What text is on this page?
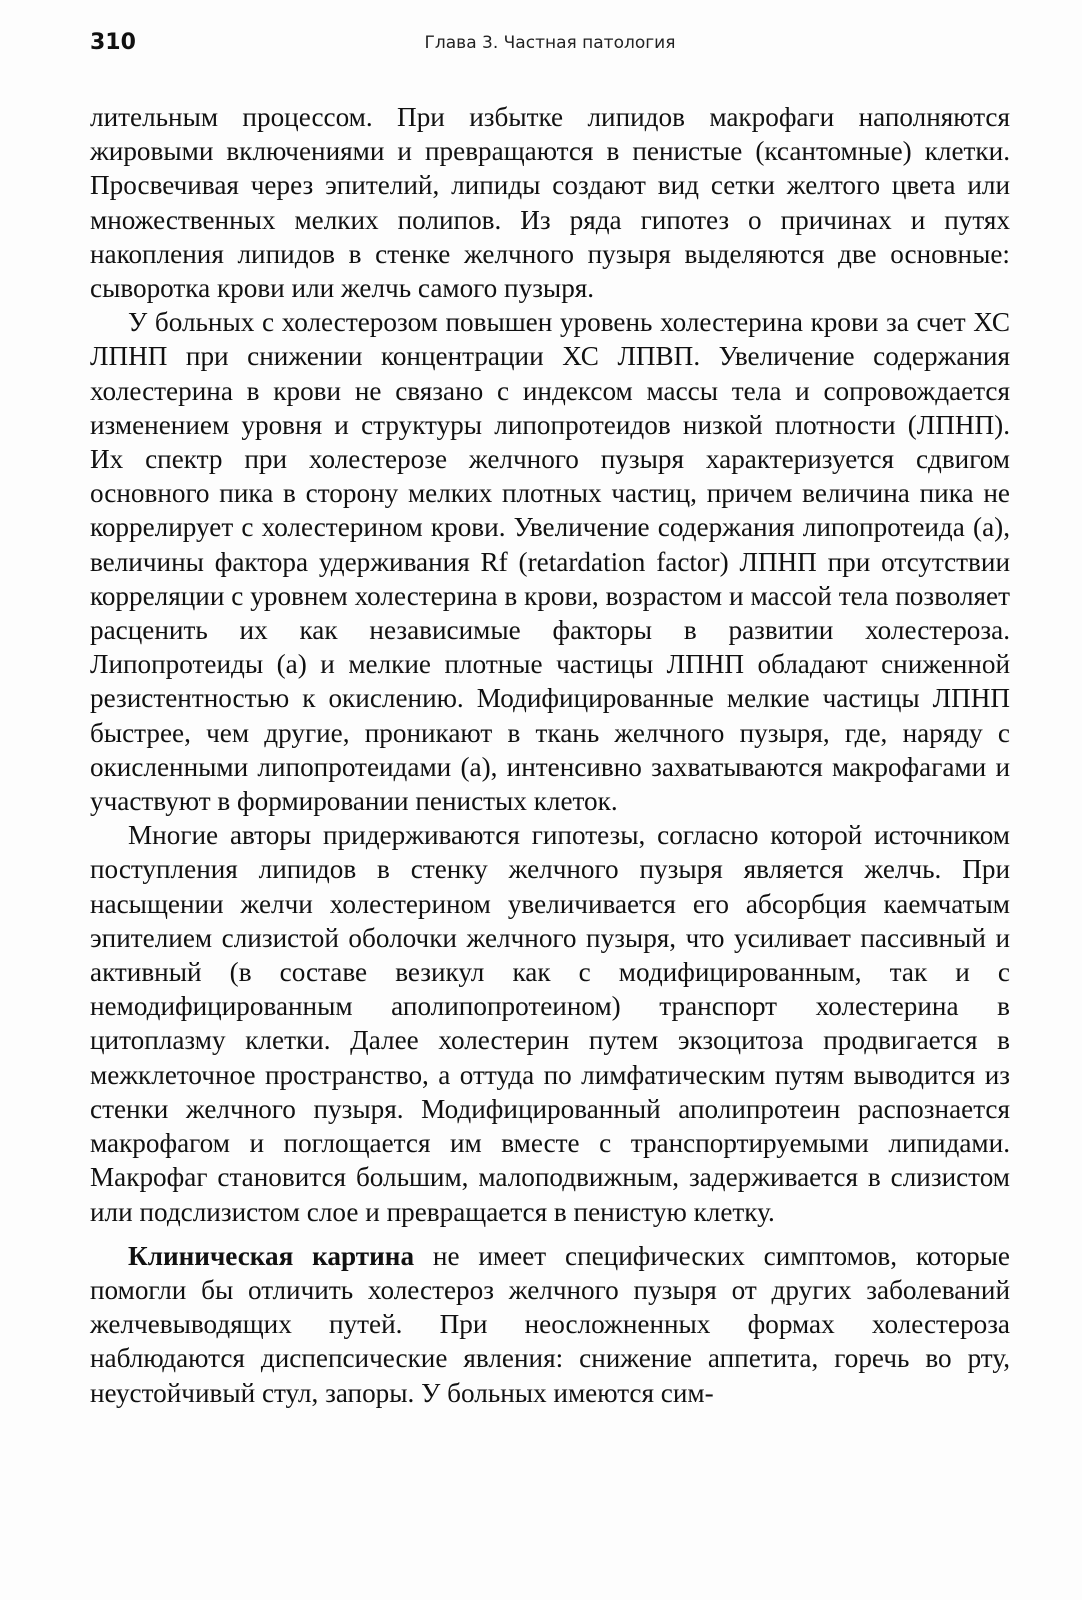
310	Глава 3. Частная патология

лительным процессом. При избытке липидов макрофаги наполняются жировыми включениями и превращаются в пенистые (ксантомные) клетки. Просвечивая через эпителий, липиды создают вид сетки желтого цвета или множественных мелких полипов. Из ряда гипотез о причинах и путях накопления липидов в стенке желчного пузыря выделяются две основные: сыворотка крови или желчь самого пузыря.

У больных с холестерозом повышен уровень холестерина крови за счет ХС ЛПНП при снижении концентрации ХС ЛПВП. Увеличение содержания холестерина в крови не связано с индексом массы тела и сопровождается изменением уровня и структуры липопротеидов низкой плотности (ЛПНП). Их спектр при холестерозе желчного пузыря характеризуется сдвигом основного пика в сторону мелких плотных частиц, причем величина пика не коррелирует с холестерином крови. Увеличение содержания липопротеида (а), величины фактора удерживания Rf (retardation factor) ЛПНП при отсутствии корреляции с уровнем холестерина в крови, возрастом и массой тела позволяет расценить их как независимые факторы в развитии холестероза. Липопротеиды (а) и мелкие плотные частицы ЛПНП обладают сниженной резистентностью к окислению. Модифицированные мелкие частицы ЛПНП быстрее, чем другие, проникают в ткань желчного пузыря, где, наряду с окисленными липопротеидами (а), интенсивно захватываются макрофагами и участвуют в формировании пенистых клеток.

Многие авторы придерживаются гипотезы, согласно которой источником поступления липидов в стенку желчного пузыря является желчь. При насыщении желчи холестерином увеличивается его абсорбция каемчатым эпителием слизистой оболочки желчного пузыря, что усиливает пассивный и активный (в составе везикул как с модифицированным, так и с немодифицированным аполипопротеином) транспорт холестерина в цитоплазму клетки. Далее холестерин путем экзоцитоза продвигается в межклеточное пространство, а оттуда по лимфатическим путям выводится из стенки желчного пузыря. Модифицированный аполипротеин распознается макрофагом и поглощается им вместе с транспортируемыми липидами. Макрофаг становится большим, малоподвижным, задерживается в слизистом или подслизистом слое и превращается в пенистую клетку.

Клиническая картина не имеет специфических симптомов, которые помогли бы отличить холестероз желчного пузыря от других заболеваний желчевыводящих путей. При неосложненных формах холестероза наблюдаются диспепсические явления: снижение аппетита, горечь во рту, неустойчивый стул, запоры. У больных имеются сим-
